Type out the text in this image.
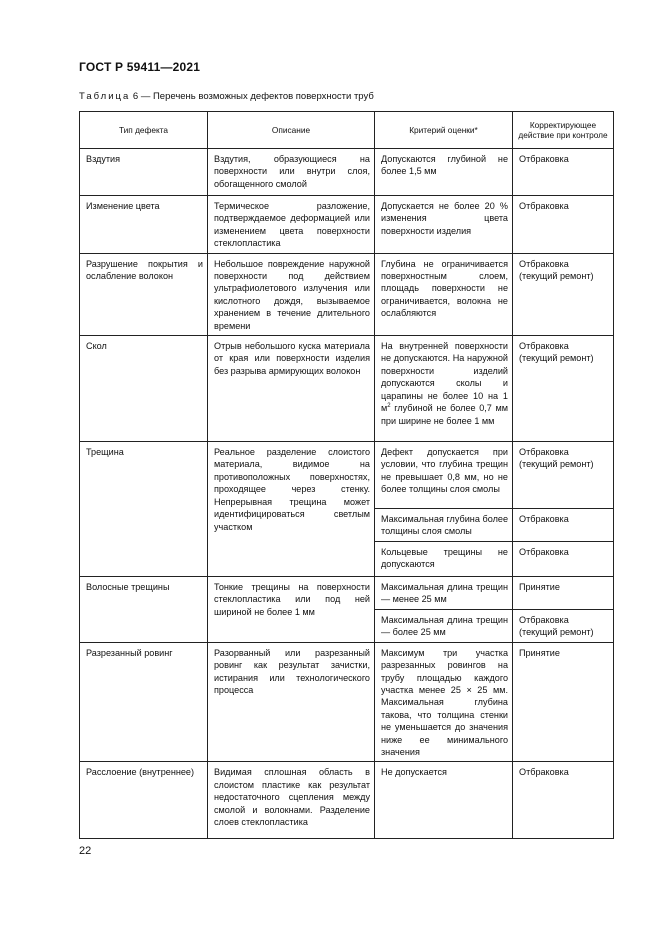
ГОСТ Р 59411—2021
Таблица 6 — Перечень возможных дефектов поверхности труб
Тип дефекта	Описание	Критерий оценки*	Корректирующее действие при контроле
Вздутия	Вздутия, образующиеся на поверхности или внутри слоя, обогащенного смолой	Допускаются глубиной не более 1,5 мм	Отбраковка
Изменение цвета	Термическое разложение, подтверждаемое деформацией или изменением цвета поверхности стеклопластика	Допускается не более 20 % изменения цвета поверхности изделия	Отбраковка
Разрушение покрытия и ослабление волокон	Небольшое повреждение наружной поверхности под действием ультрафиолетового излучения или кислотного дождя, вызываемое хранением в течение длительного времени	Глубина не ограничивается поверхностным слоем, площадь поверхности не ограничивается, волокна не ослабляются	Отбраковка (текущий ремонт)
Скол	Отрыв небольшого куска материала от края или поверхности изделия без разрыва армирующих волокон	На внутренней поверхности не допускаются. На наружной поверхности изделий допускаются сколы и царапины не более 10 на 1 $м^2$ глубиной не более 0,7 мм при ширине не более 1 мм	Отбраковка (текущий ремонт)
Трещина	Реальное разделение слоистого материала, видимое на противоположных поверхностях, проходящее через стенку. Непрерывная трещина может идентифицироваться светлым участком	Дефект допускается при условии, что глубина трещин не превышает 0,8 мм, но не более толщины слоя смолы	Отбраковка (текущий ремонт)
		Максимальная глубина более толщины слоя смолы	Отбраковка
		Кольцевые трещины не допускаются	Отбраковка
Волосные трещины	Тонкие трещины на поверхности стеклопластика или под ней шириной не более 1 мм	Максимальная длина трещин — менее 25 мм	Принятие
		Максимальная длина трещин — более 25 мм	Отбраковка (текущий ремонт)
Разрезанный ровинг	Разорванный или разрезанный ровинг как результат зачистки, истирания или технологического процесса	Максимум три участка разрезанных ровингов на трубу площадью каждого участка менее 25 × 25 мм. Максимальная глубина такова, что толщина стенки не уменьшается до значения ниже ее минимального значения	Принятие
Расслоение (внутреннее)	Видимая сплошная область в слоистом пластике как результат недостаточного сцепления между смолой и волокнами. Разделение слоев стеклопластика	Не допускается	Отбраковка
22
